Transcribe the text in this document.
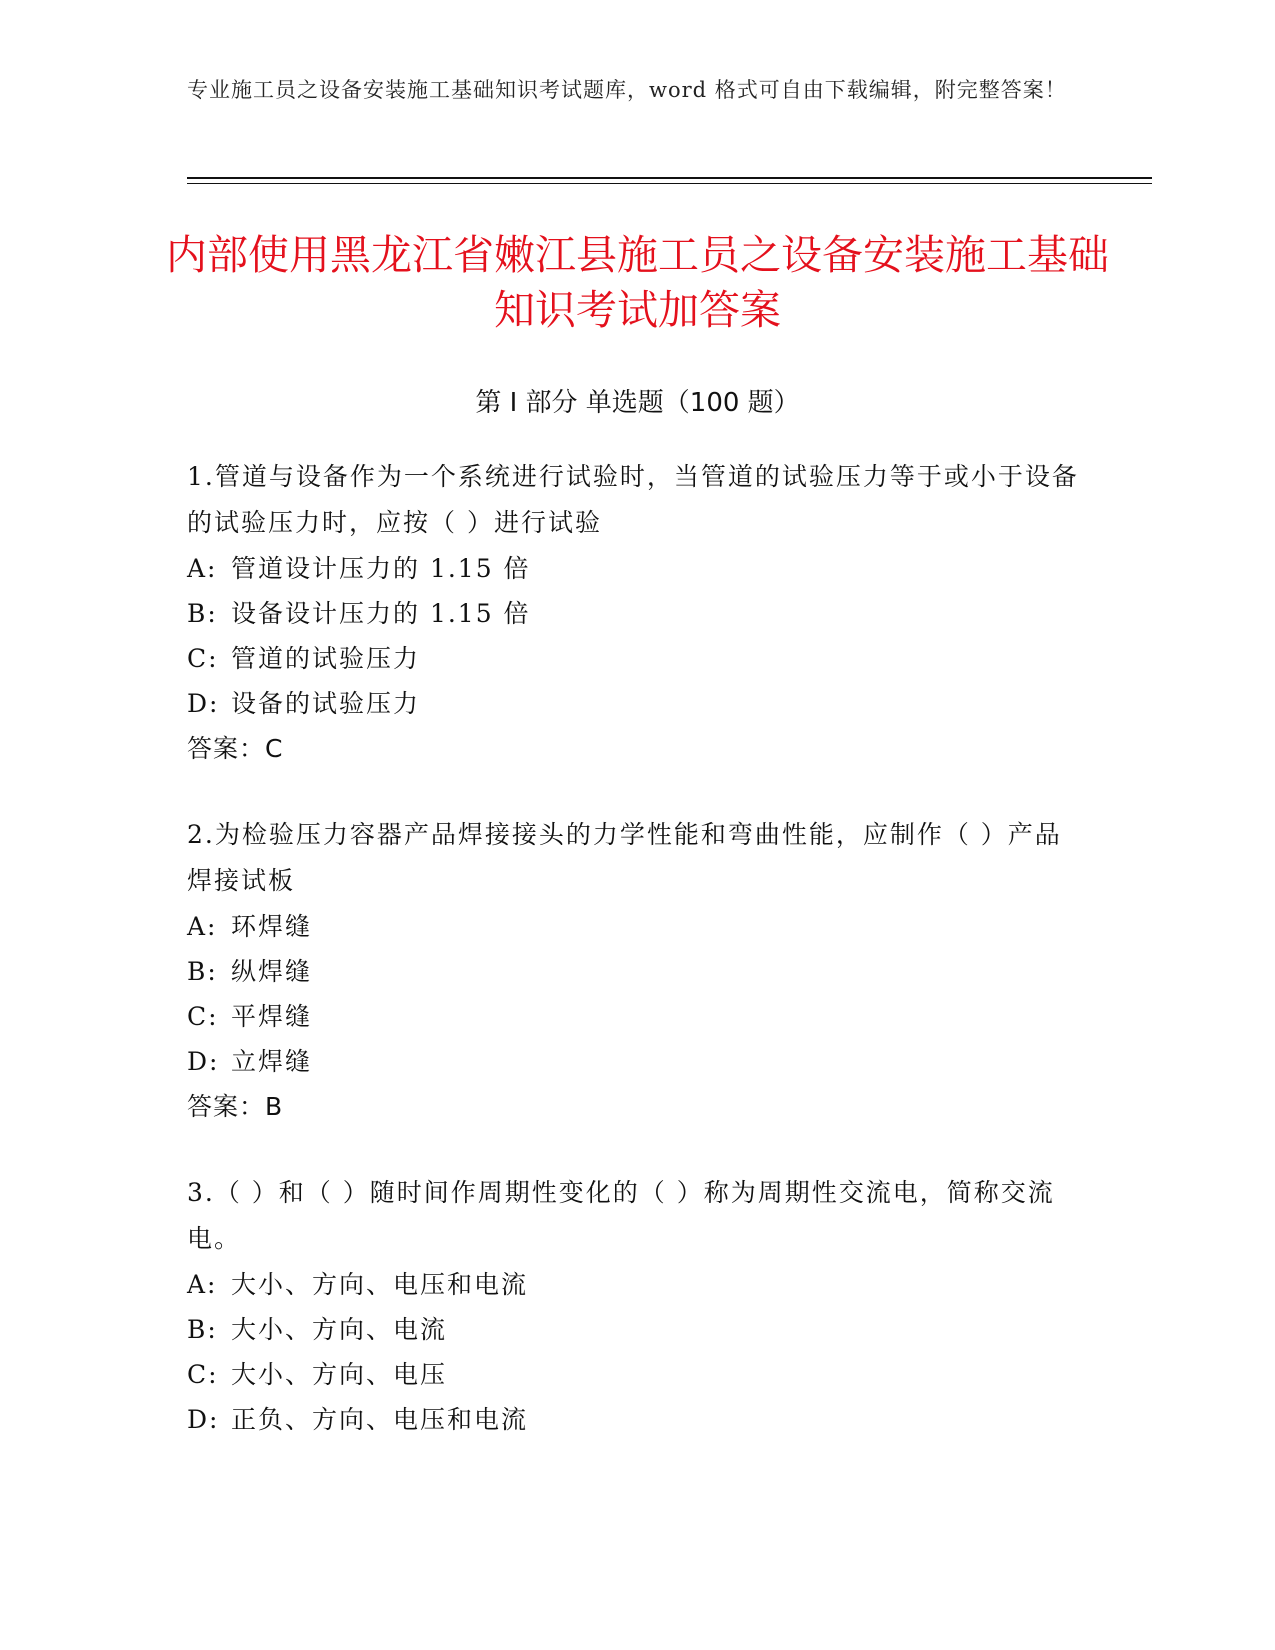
专业施工员之设备安装施工基础知识考试题库，word 格式可自由下载编辑，附完整答案！
内部使用黑龙江省嫩江县施工员之设备安装施工基础知识考试加答案
第 I 部分 单选题（100 题）
1.管道与设备作为一个系统进行试验时，当管道的试验压力等于或小于设备的试验压力时，应按（ ）进行试验
A: 管道设计压力的 1.15 倍
B: 设备设计压力的 1.15 倍
C: 管道的试验压力
D: 设备的试验压力
答案：C
2.为检验压力容器产品焊接接头的力学性能和弯曲性能，应制作（ ）产品焊接试板
A: 环焊缝
B: 纵焊缝
C: 平焊缝
D: 立焊缝
答案：B
3.（ ）和（ ）随时间作周期性变化的（ ）称为周期性交流电，简称交流电。
A: 大小、方向、电压和电流
B: 大小、方向、电流
C: 大小、方向、电压
D: 正负、方向、电压和电流
